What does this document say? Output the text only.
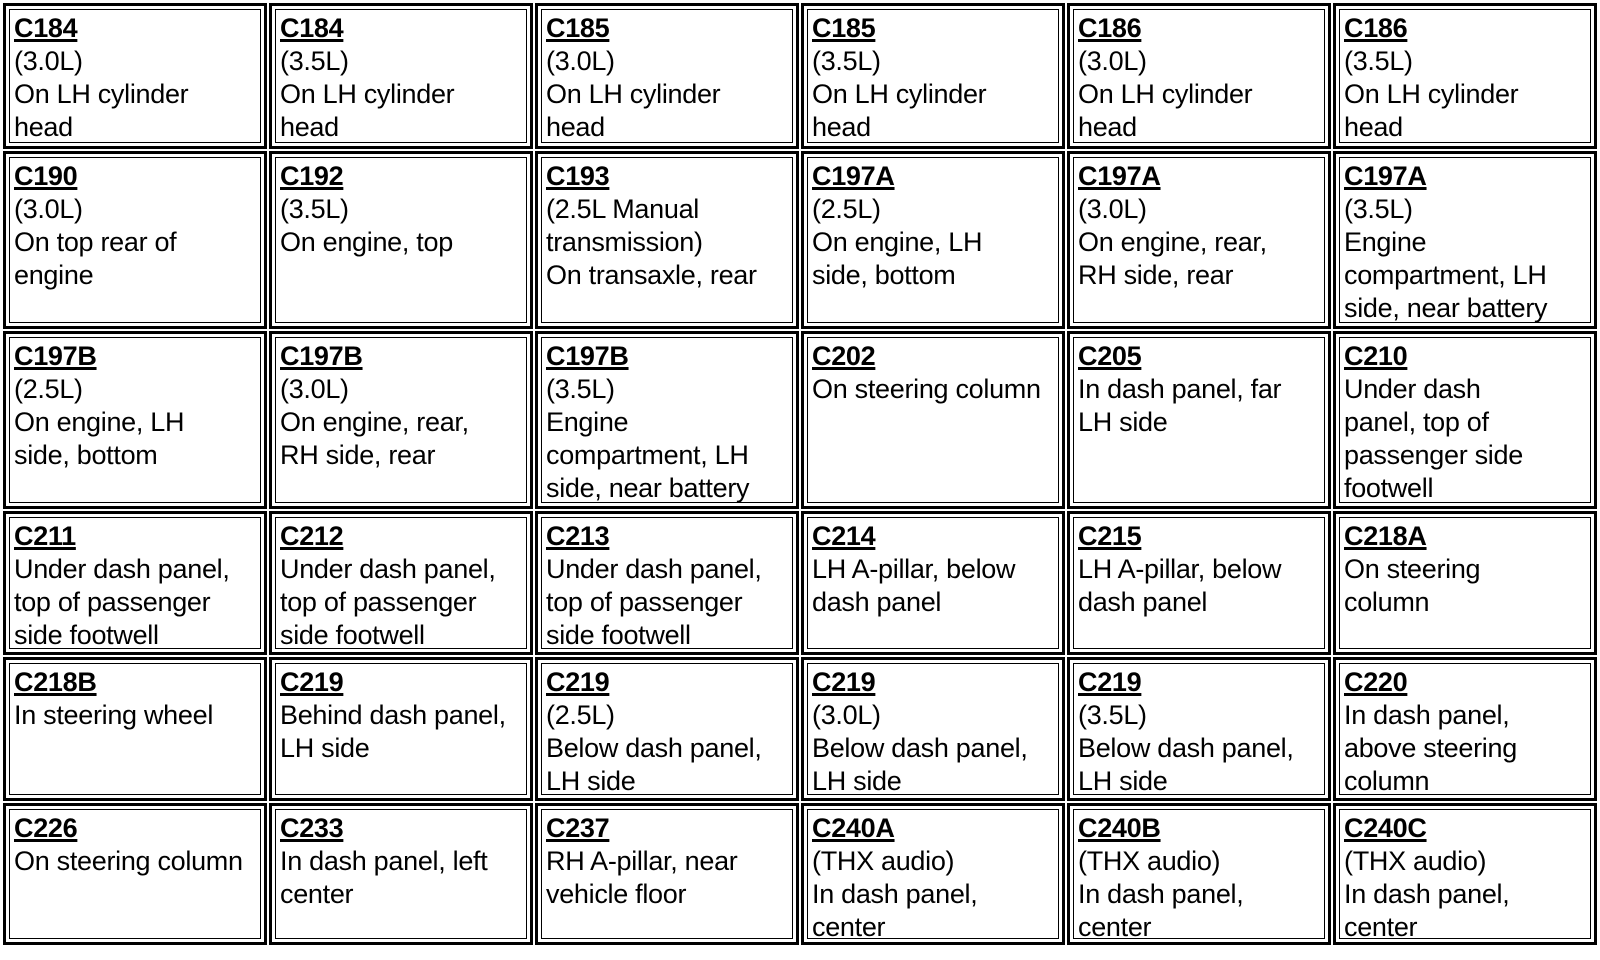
C184
(3.0L)
On LH cylinder
head
C184
(3.5L)
On LH cylinder
head
C185
(3.0L)
On LH cylinder
head
C185
(3.5L)
On LH cylinder
head
C186
(3.0L)
On LH cylinder
head
C186
(3.5L)
On LH cylinder
head
C190
(3.0L)
On top rear of
engine
C192
(3.5L)
On engine, top
C193
(2.5L Manual
transmission)
On transaxle, rear
C197A
(2.5L)
On engine, LH
side, bottom
C197A
(3.0L)
On engine, rear,
RH side, rear
C197A
(3.5L)
Engine
compartment, LH
side, near battery
C197B
(2.5L)
On engine, LH
side, bottom
C197B
(3.0L)
On engine, rear,
RH side, rear
C197B
(3.5L)
Engine
compartment, LH
side, near battery
C202
On steering column
C205
In dash panel, far
LH side
C210
Under dash
panel, top of
passenger side
footwell
C211
Under dash panel,
top of passenger
side footwell
C212
Under dash panel,
top of passenger
side footwell
C213
Under dash panel,
top of passenger
side footwell
C214
LH A-pillar, below
dash panel
C215
LH A-pillar, below
dash panel
C218A
On steering
column
C218B
In steering wheel
C219
Behind dash panel,
LH side
C219
(2.5L)
Below dash panel,
LH side
C219
(3.0L)
Below dash panel,
LH side
C219
(3.5L)
Below dash panel,
LH side
C220
In dash panel,
above steering
column
C226
On steering column
C233
In dash panel, left
center
C237
RH A-pillar, near
vehicle floor
C240A
(THX audio)
In dash panel,
center
C240B
(THX audio)
In dash panel,
center
C240C
(THX audio)
In dash panel,
center
